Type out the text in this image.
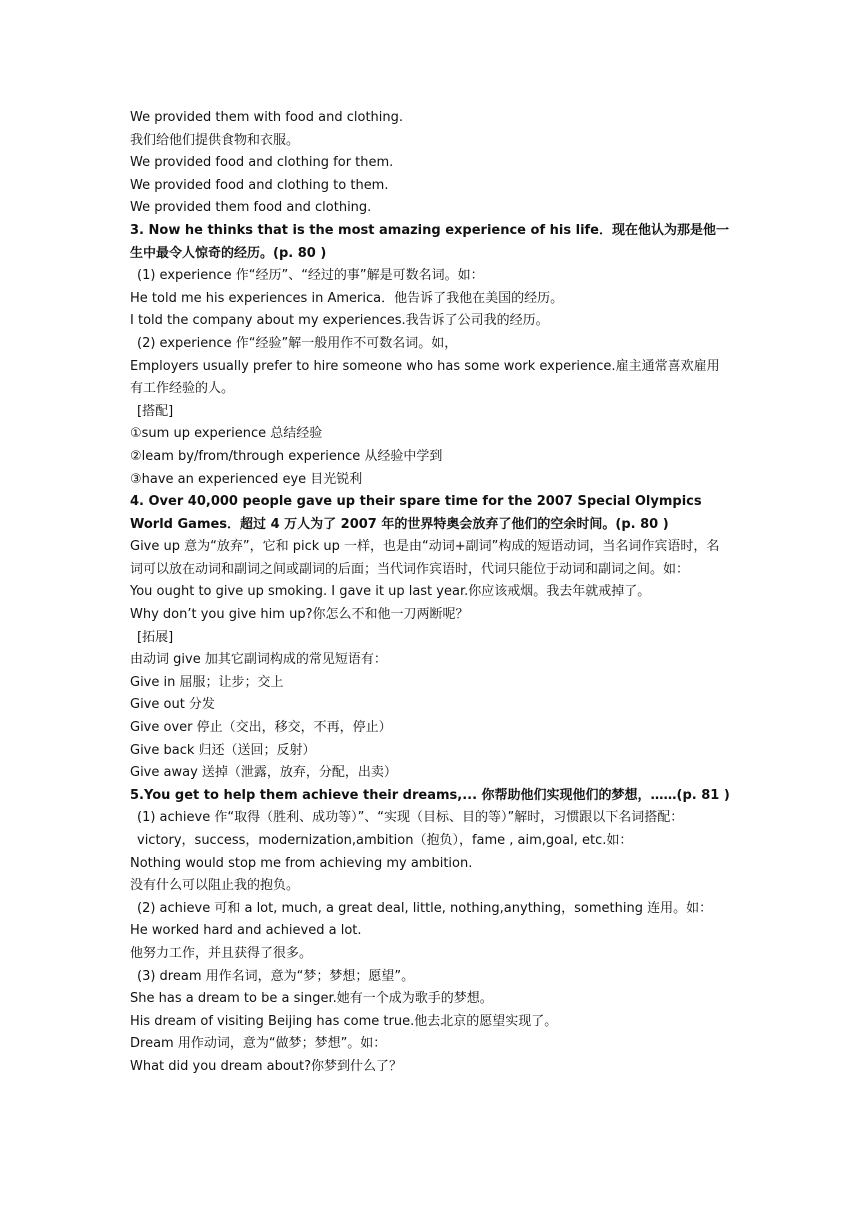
We provided them with food and clothing.
我们给他们提供食物和衣服。
We provided food and clothing for them.
We provided food and clothing to them.
We provided them food and clothing.
3. Now he thinks that is the most amazing experience of his life．现在他认为那是他一生中最令人惊奇的经历。(p. 80 )
(1) experience 作“经历”、“经过的事”解是可数名词。如：
He told me his experiences in America．他告诉了我他在美国的经历。
I told the company about my experiences.我告诉了公司我的经历。
(2) experience 作“经验”解一般用作不可数名词。如，
Employers usually prefer to hire someone who has some work experience.雇主通常喜欢雇用有工作经验的人。
[搭配]
①sum up experience 总结经验
②leam by/from/through experience 从经验中学到
③have an experienced eye 目光锐利
4. Over 40,000 people gave up their spare time for the 2007 Special Olympics World Games．超过 4 万人为了 2007 年的世界特奥会放弃了他们的空余时间。(p. 80 )
Give up 意为“放弃”，它和 pick up 一样，也是由“动词+副词”构成的短语动词，当名词作宾语时，名词可以放在动词和副词之间或副词的后面；当代词作宾语时，代词只能位于动词和副词之间。如：
You ought to give up smoking. I gave it up last year.你应该戒烟。我去年就戒掉了。
Why don’t you give him up?你怎么不和他一刀两断呢？
[拓展]
由动词 give 加其它副词构成的常见短语有：
Give in 屈服；让步；交上
Give out 分发
Give over 停止（交出，移交，不再，停止）
Give back 归还（送回；反射）
Give away 送掉（泄露，放弃，分配，出卖）
5.You get to help them achieve their dreams,... 你帮助他们实现他们的梦想，……(p. 81 )
(1) achieve 作“取得（胜利、成功等）”、“实现（目标、目的等）”解时，习惯跟以下名词搭配：victory，success，modernization,ambition（抱负），fame , aim,goal, etc.如：
Nothing would stop me from achieving my ambition.
没有什么可以阻止我的抱负。
(2) achieve 可和 a lot, much, a great deal, little, nothing,anything，something 连用。如：
He worked hard and achieved a lot.
他努力工作，并且获得了很多。
(3) dream 用作名词，意为“梦；梦想；愿望”。
She has a dream to be a singer.她有一个成为歌手的梦想。
His dream of visiting Beijing has come true.他去北京的愿望实现了。
Dream 用作动词，意为“做梦；梦想”。如：
What did you dream about?你梦到什么了？
